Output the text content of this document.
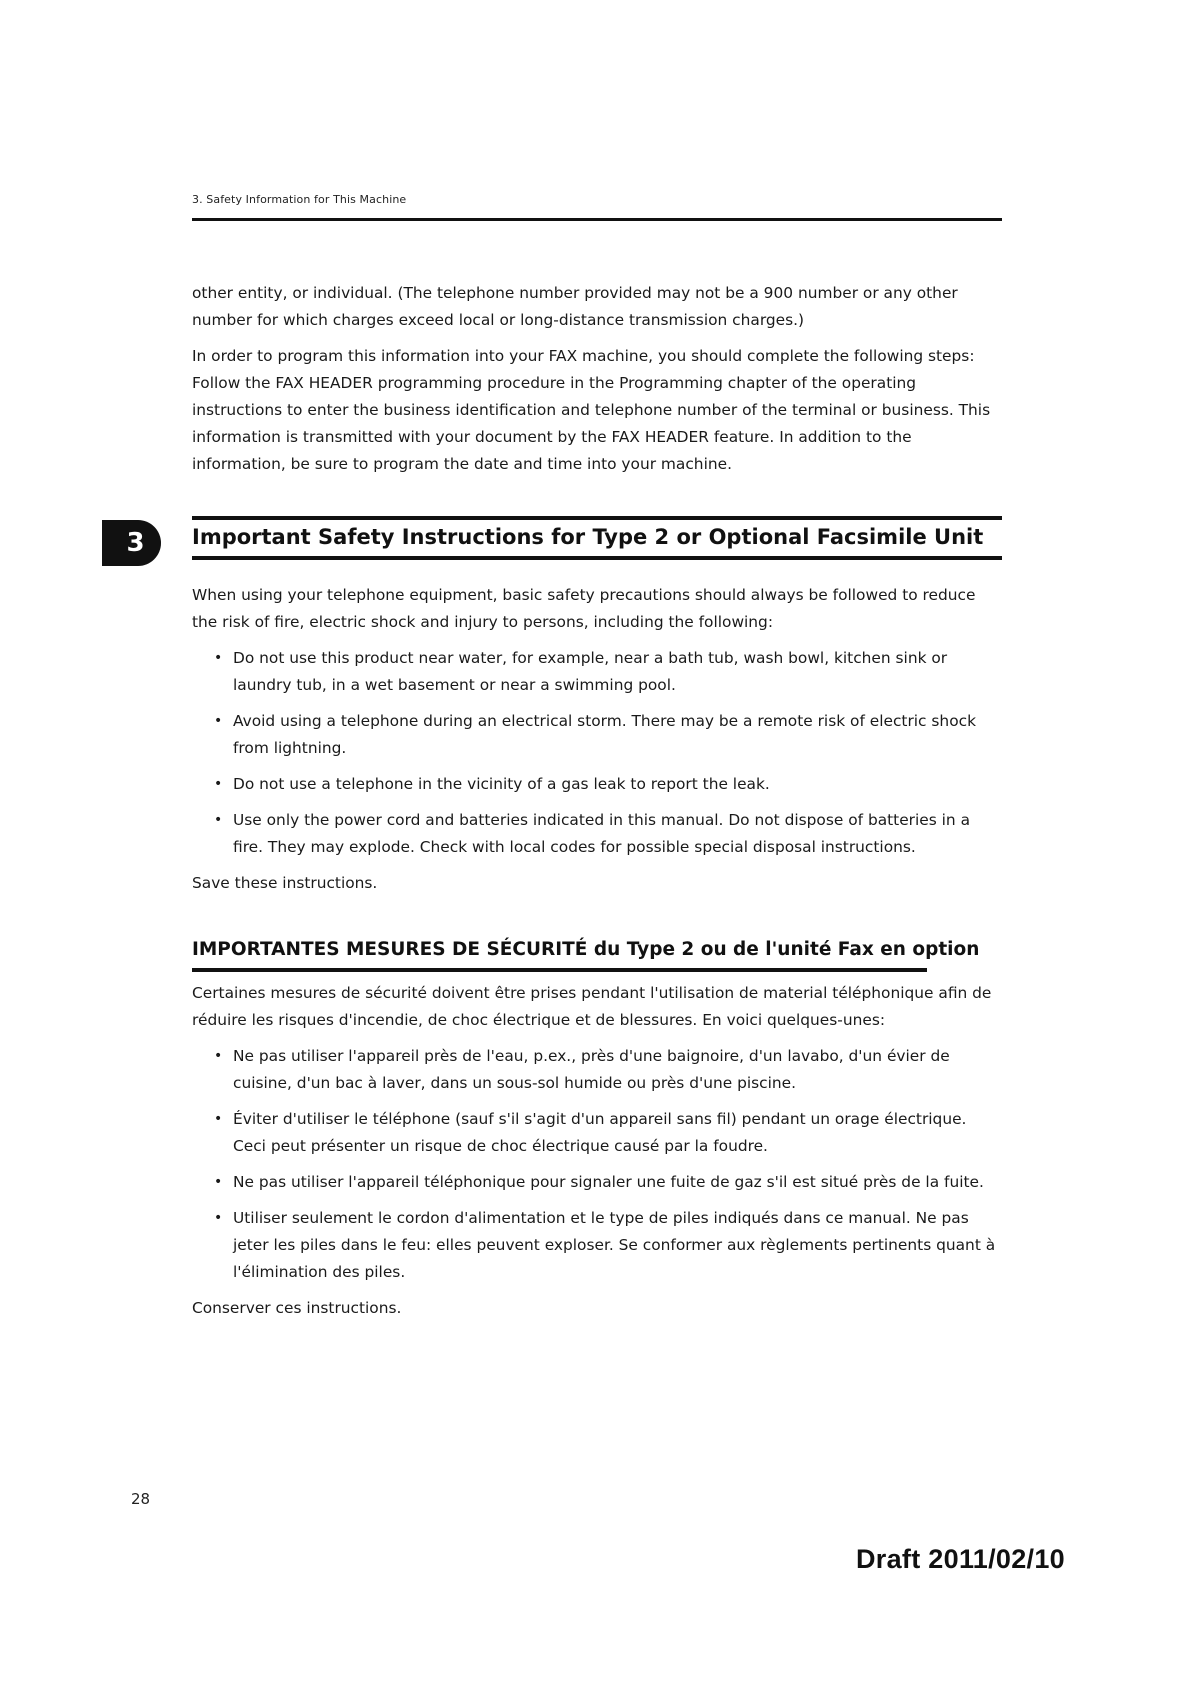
3. Safety Information for This Machine

other entity, or individual. (The telephone number provided may not be a 900 number or any other number for which charges exceed local or long-distance transmission charges.)

In order to program this information into your FAX machine, you should complete the following steps: Follow the FAX HEADER programming procedure in the Programming chapter of the operating instructions to enter the business identification and telephone number of the terminal or business. This information is transmitted with your document by the FAX HEADER feature. In addition to the information, be sure to program the date and time into your machine.

3	Important Safety Instructions for Type 2 or Optional Facsimile Unit

When using your telephone equipment, basic safety precautions should always be followed to reduce the risk of fire, electric shock and injury to persons, including the following:

• Do not use this product near water, for example, near a bath tub, wash bowl, kitchen sink or laundry tub, in a wet basement or near a swimming pool.
• Avoid using a telephone during an electrical storm. There may be a remote risk of electric shock from lightning.
• Do not use a telephone in the vicinity of a gas leak to report the leak.
• Use only the power cord and batteries indicated in this manual. Do not dispose of batteries in a fire. They may explode. Check with local codes for possible special disposal instructions.

Save these instructions.

IMPORTANTES MESURES DE SÉCURITÉ du Type 2 ou de l'unité Fax en option

Certaines mesures de sécurité doivent être prises pendant l'utilisation de material téléphonique afin de réduire les risques d'incendie, de choc électrique et de blessures. En voici quelques-unes:

• Ne pas utiliser l'appareil près de l'eau, p.ex., près d'une baignoire, d'un lavabo, d'un évier de cuisine, d'un bac à laver, dans un sous-sol humide ou près d'une piscine.
• Éviter d'utiliser le téléphone (sauf s'il s'agit d'un appareil sans fil) pendant un orage électrique. Ceci peut présenter un risque de choc électrique causé par la foudre.
• Ne pas utiliser l'appareil téléphonique pour signaler une fuite de gaz s'il est situé près de la fuite.
• Utiliser seulement le cordon d'alimentation et le type de piles indiqués dans ce manual. Ne pas jeter les piles dans le feu: elles peuvent exploser. Se conformer aux règlements pertinents quant à l'élimination des piles.

Conserver ces instructions.

28
Draft 2011/02/10
